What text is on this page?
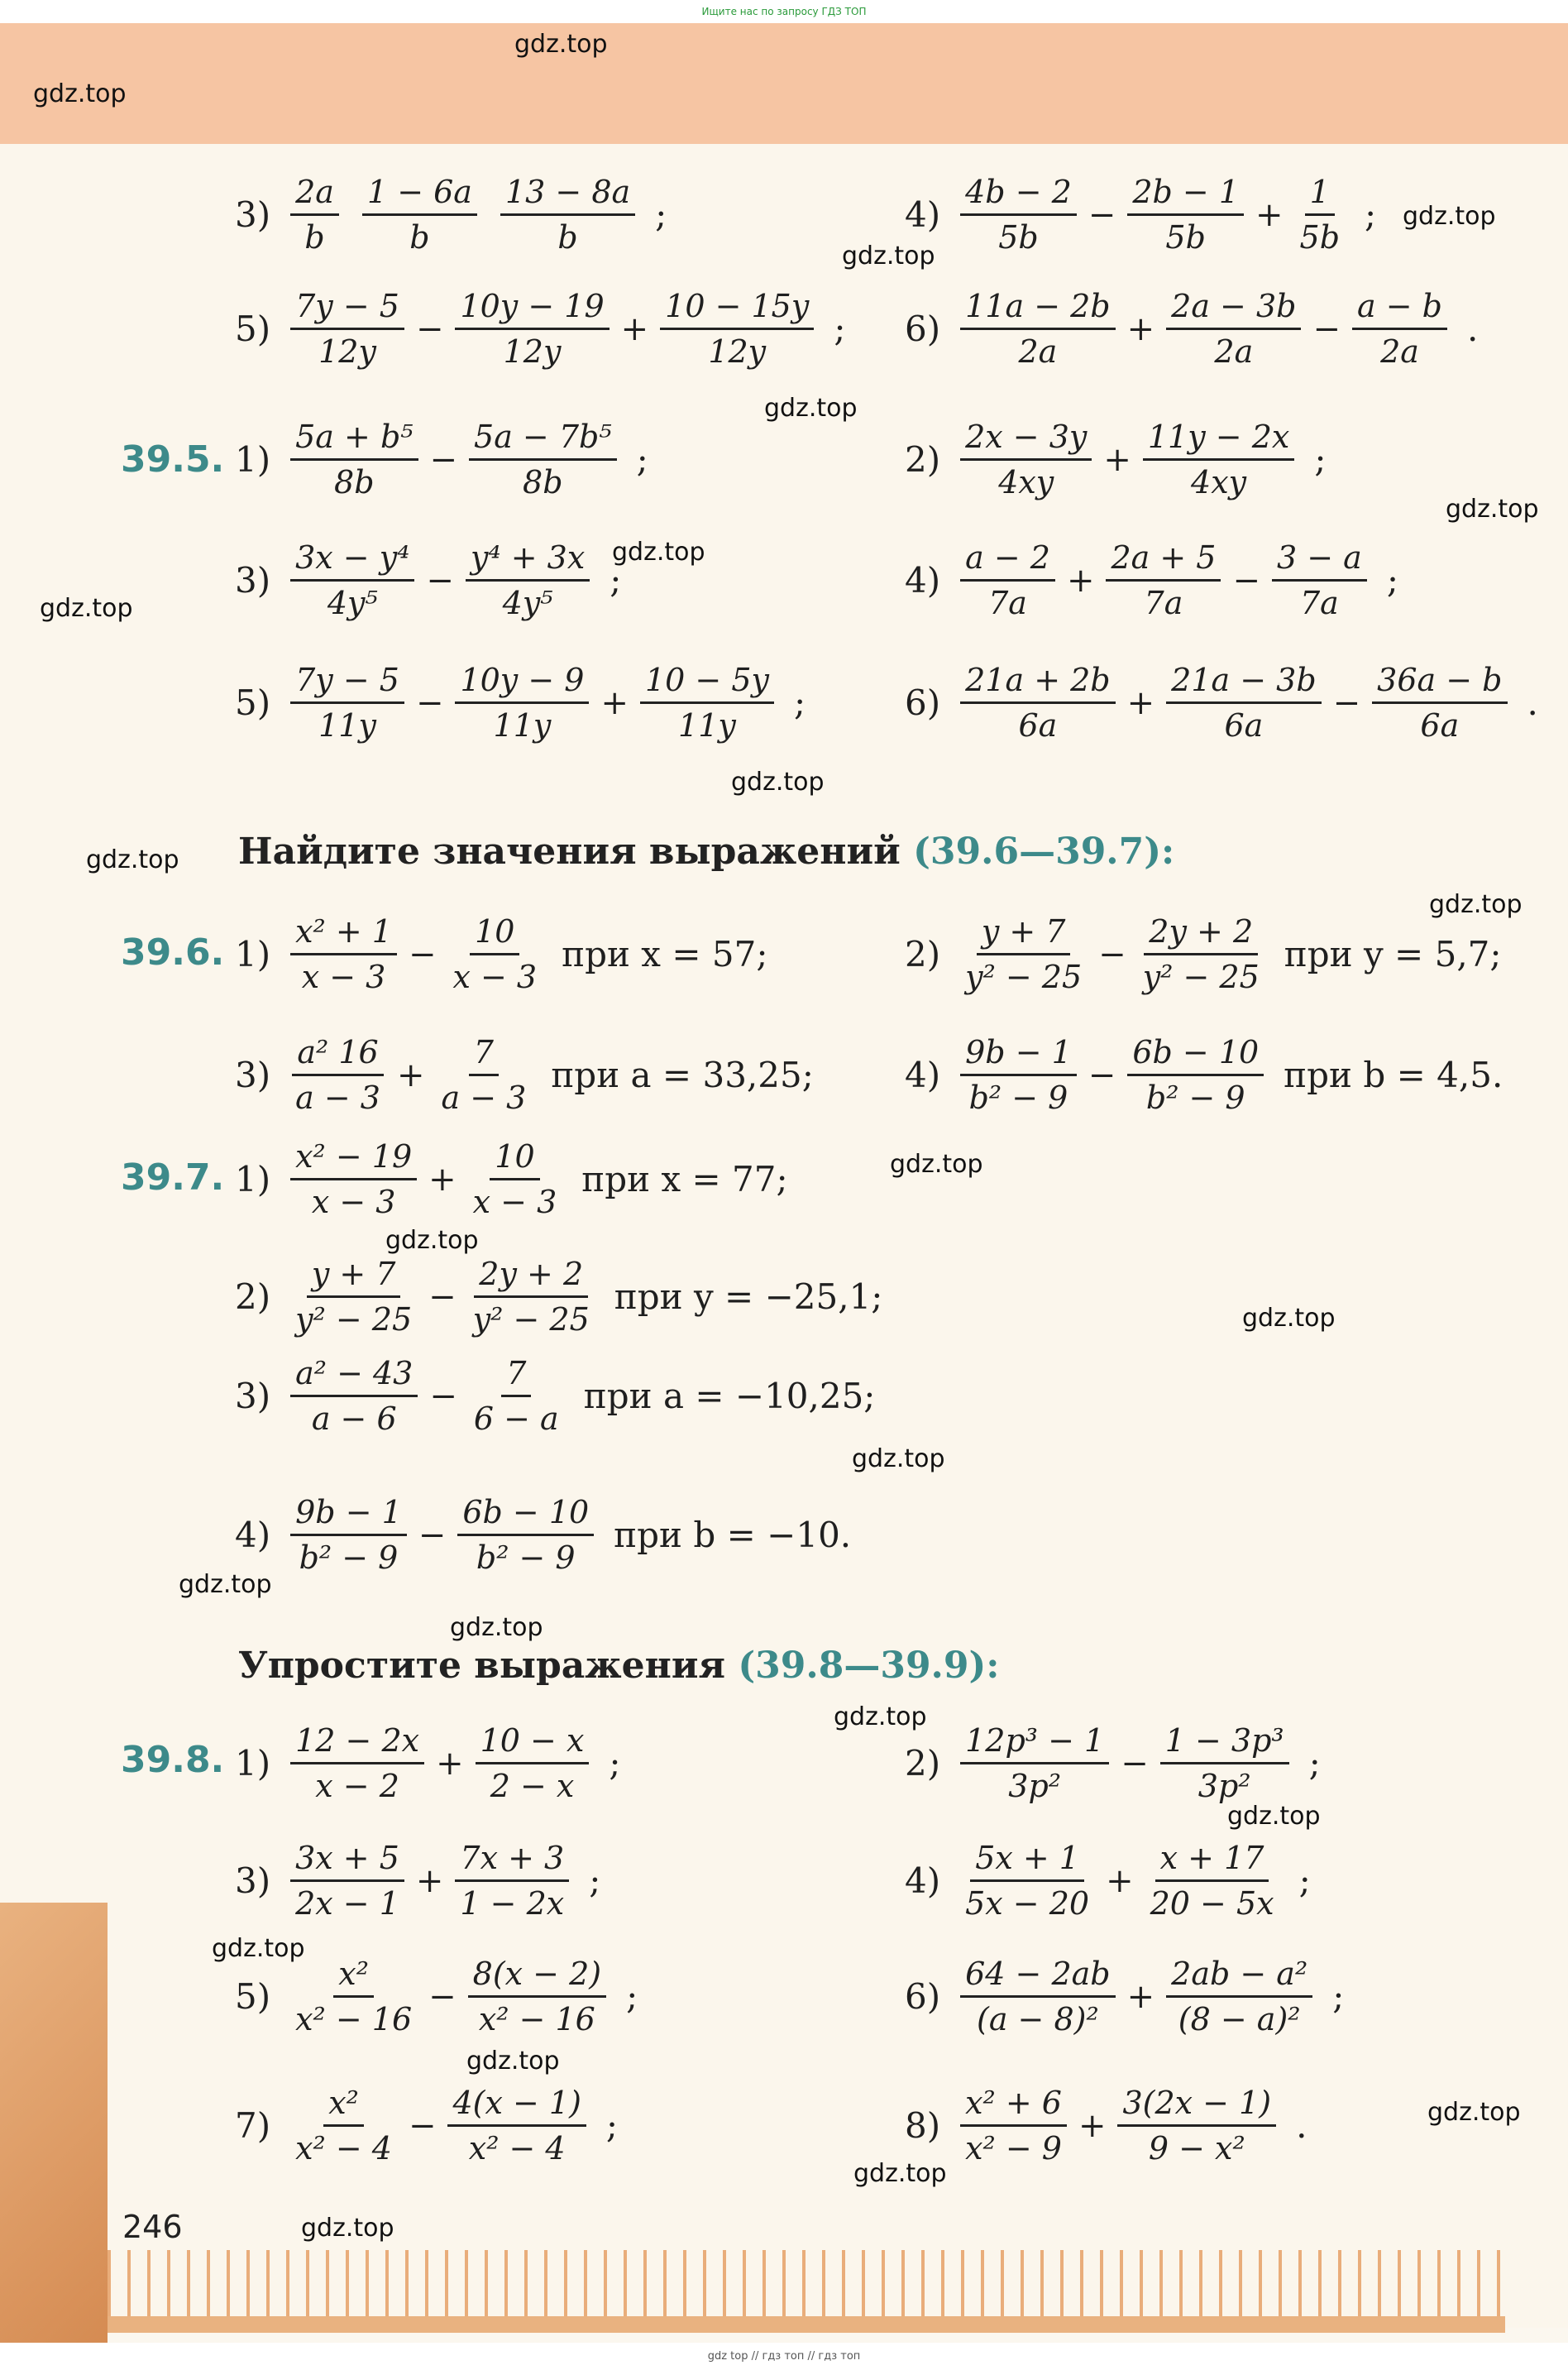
Ищите нас по запросу ГДЗ ТОП
246
gdz top // гдз топ // гдз топ
gdz.top
gdz.top
gdz.top
gdz.top
gdz.top
gdz.top
gdz.top
gdz.top
gdz.top
gdz.top
gdz.top
gdz.top
gdz.top
gdz.top
gdz.top
gdz.top
gdz.top
gdz.top
gdz.top
gdz.top
gdz.top
gdz.top
gdz.top
gdz.top
39.5.
Найдите значения выражений (39.6—39.7):
39.6.
39.7.
Упростите выражения (39.8—39.9):
39.8.
$3) \frac{2a}{b} \frac{1 - 6a}{b} \frac{13 - 8a}{b}$ ;	$4) \frac{4b - 2}{5b} - \frac{2b - 1}{5b} + \frac{1}{5b}$ ;
$5) \frac{7y - 5}{12y} - \frac{10y - 19}{12y} + \frac{10 - 15y}{12y}$ ; $6) \frac{11a - 2b}{2a} + \frac{2a - 3b}{2a} - \frac{a - b}{2a}$ .
$1) \frac{\text{5a + b⁵}}{8b} - \frac{\text{5a − 7b⁵}}{8b}$ ;	$2) \frac{2x - 3y}{4xy} + \frac{11y - 2x}{4xy}$ ;
$3) \frac{\text{3x − y⁴}}{\text{4y⁵}} - \frac{\text{y⁴ + 3x}}{\text{4y⁵}}$ ;	$4) \frac{a - 2}{7a} + \frac{2a + 5}{7a} - \frac{3 - a}{7a}$ ;
$5) \frac{7y - 5}{11y} - \frac{10y - 9}{11y} + \frac{10 - 5y}{11y}$ ;	$6) \frac{21a + 2b}{6a} + \frac{21a - 3b}{6a} - \frac{36a - b}{6a}$ .
$1) \frac{\text{x² + 1}}{x - 3} - \frac{10}{x - 3}$ при x = 57;	$2) \frac{y + 7}{\text{y² − 25}} - \frac{2y + 2}{\text{y² − 25}}$ при y = 5,7;
$3) \frac{\text{a² 16}}{a - 3} + \frac{7}{a - 3}$ при a = 33,25;	$4) \frac{9b - 1}{\text{b² − 9}} - \frac{6b - 10}{\text{b² − 9}}$ при b = 4,5.
$1) \frac{\text{x² − 19}}{x - 3} + \frac{10}{x - 3}$ при x = 77;
$2) \frac{y + 7}{\text{y² − 25}} - \frac{2y + 2}{\text{y² − 25}}$ при y = −25,1;
$3) \frac{\text{a² − 43}}{a - 6} - \frac{7}{6 - a}$ при a = −10,25;
$4) \frac{9b - 1}{\text{b² − 9}} - \frac{6b - 10}{\text{b² − 9}}$ при b = −10.
$1) \frac{12 - 2x}{x - 2} + \frac{10 - x}{2 - x}$ ;	$2) \frac{\text{12p³ − 1}}{\text{3p²}} - \frac{\text{1 − 3p³}}{\text{3p²}}$ ;
$3) \frac{3x + 5}{2x - 1} + \frac{7x + 3}{1 - 2x}$ ;	$4) \frac{5x + 1}{5x - 20} + \frac{x + 17}{20 - 5x}$ ;
$5) \frac{\text{x²}}{\text{x² − 16}} - \frac{8(x - 2)}{\text{x² − 16}}$ ;	$6) \frac{64 - 2ab}{\text{(a − 8)²}} + \frac{\text{2ab − a²}}{\text{(8 − a)²}}$ ;
$7) \frac{\text{x²}}{\text{x² − 4}} - \frac{4(x - 1)}{\text{x² − 4}}$ ;	$8) \frac{\text{x² + 6}}{\text{x² − 9}} + \frac{3(2x - 1)}{\text{9 − x²}}$ .
